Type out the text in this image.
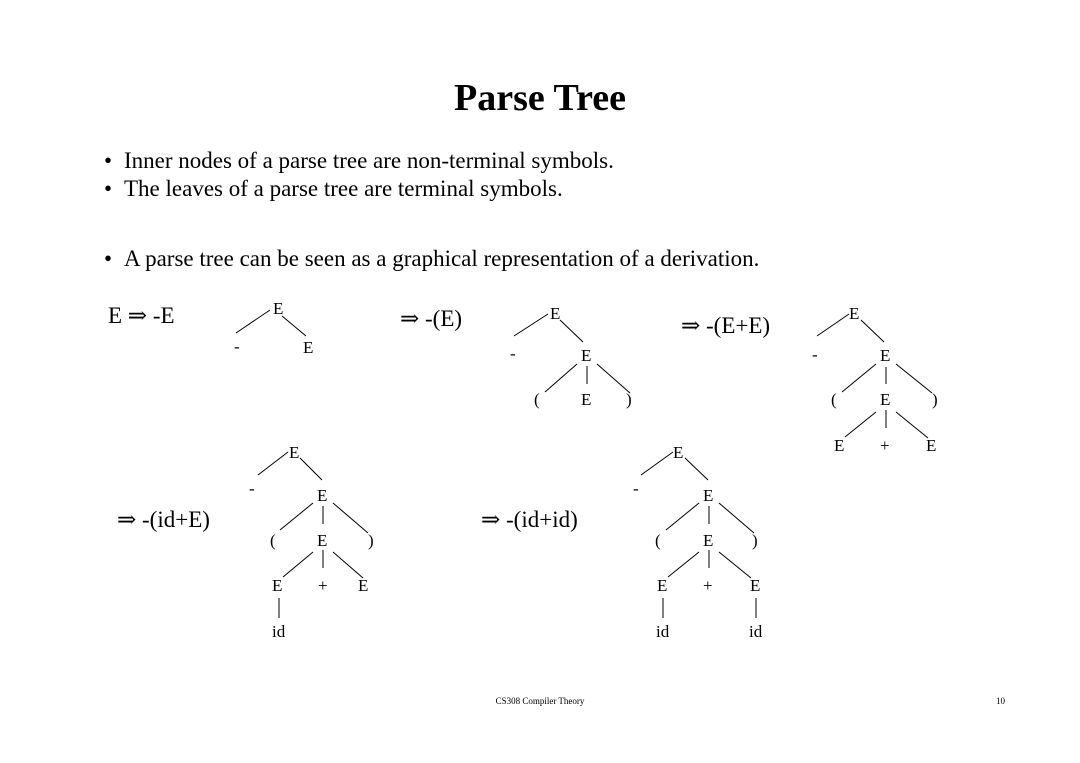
Parse Tree
• Inner nodes of a parse tree are non-terminal symbols.
• The leaves of a parse tree are terminal symbols.
• A parse tree can be seen as a graphical representation of a derivation.
E ⇒ -E	⇒ -(E)	⇒ -(E+E)
⇒ -(id+E)	⇒ -(id+id)
E
-	E
E
-	E
( E )
E
-	E
(	E )
E + E
E
-	E
( E )
E + E
id
E
-	E
( E )
E + E
id	id
CS308 Compiler Theory	10
